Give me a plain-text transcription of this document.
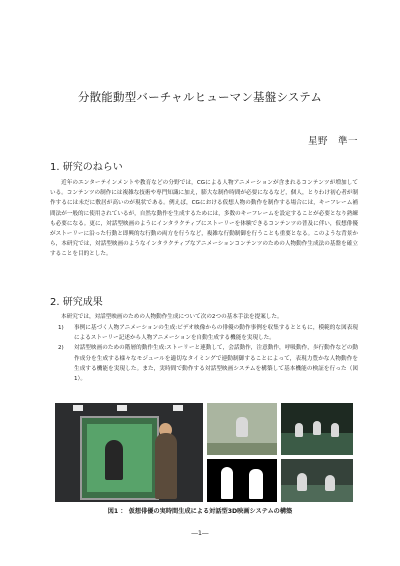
分散能動型バーチャルヒューマン基盤システム
星野　準一
1. 研究のねらい

近年のエンターテインメントや教育などの分野では，CGによる人物アニメーションが含まれるコンテンツが増加している。コンテンツの制作には複雑な技術や専門知識に加え，膨大な制作時間が必要になるなど，個人，とりわけ初心者が制作するには未だに敷居が高いのが現状である。例えば，CGにおける仮想人物の動作を制作する場合には，キーフレーム補間法が一般的に使用されているが，自然な動作を生成するためには，多数のキーフレームを設定することが必要となり熟練も必要になる。更に，対話型映画のようにインタラクティブにストーリーを体験できるコンテンツの普及に伴い，仮想俳優がストーリーに沿った行動と即興的な行動の両方を行うなど，複雑な行動制御を行うことも重要となる。このような背景から，本研究では，対話型映画のようなインタラクティブなアニメーションコンテンツのための人物動作生成法の基盤を確立することを目的とした。

2. 研究成果

本研究では，対話型映画のための人物動作生成について次の2つの基本手法を提案した。

1) 事例に基づく人物アニメーションの生成:ビデオ映像からの俳優の動作事例を収集するとともに，模範的な図表現によるストーリー記述から人物アニメーションを自動生成する機能を実現した。
2) 対話型映画のための階層的動作生成:ストーリーと連動して，会話動作，注意動作，呼吸動作，歩行動作などの動作成分を生成する様々なモジュールを適切なタイミングで連動制御することによって，表現力豊かな人物動作を生成する機能を実現した。また，実時間で動作する対話型映画システムを構築して基本機能の検証を行った（図1）。
図1 ： 仮想俳優の実時間生成による対話型3D映画システムの構築
―1―
